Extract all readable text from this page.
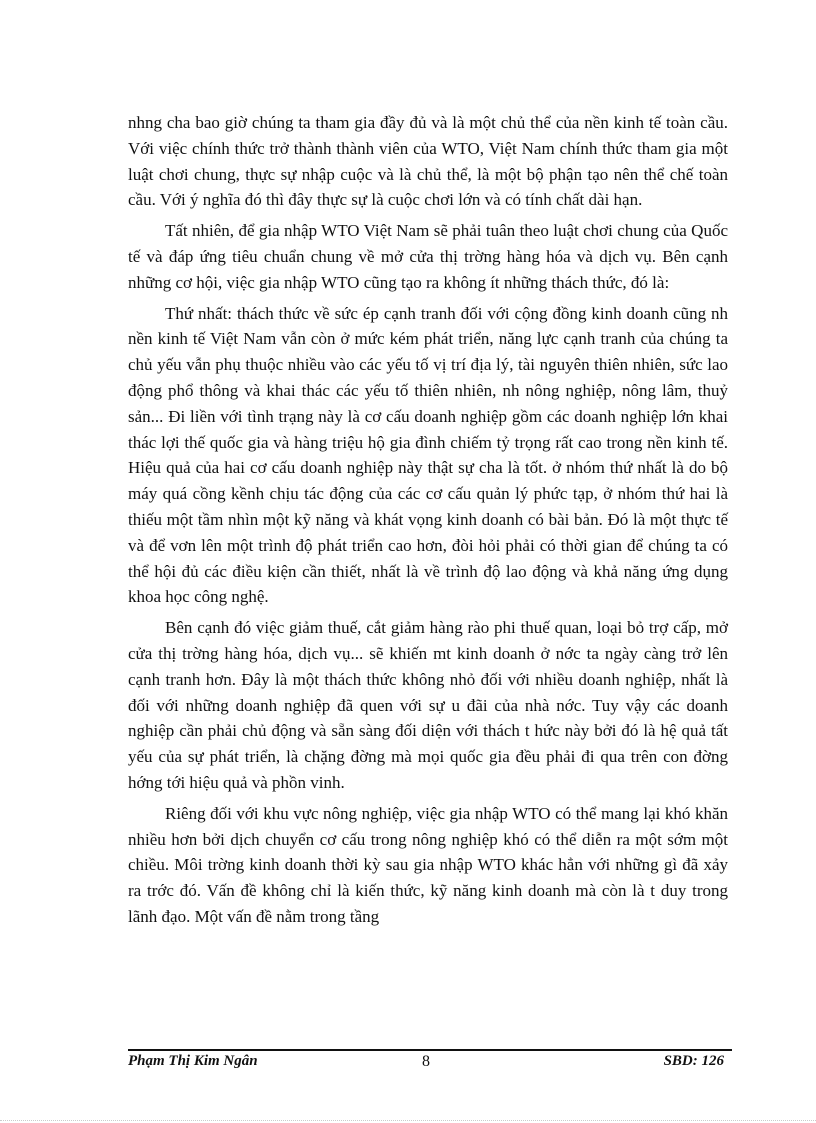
nhng cha bao giờ chúng ta tham gia đầy đủ và là một chủ thể của nền kinh tế toàn cầu. Với việc chính thức trở thành thành viên của WTO, Việt Nam chính thức tham gia một luật chơi chung, thực sự nhập cuộc và là chủ thể, là một bộ phận tạo nên thể chế toàn cầu. Với ý nghĩa đó thì đây thực sự là cuộc chơi lớn và có tính chất dài hạn.

Tất nhiên, để gia nhập WTO Việt Nam sẽ phải tuân theo luật chơi chung của Quốc tế và đáp ứng tiêu chuẩn chung về mở cửa thị trờng hàng hóa và dịch vụ. Bên cạnh những cơ hội, việc gia nhập WTO cũng tạo ra không ít những thách thức, đó là:

Thứ nhất: thách thức về sức ép cạnh tranh đối với cộng đồng kinh doanh cũng nh nền kinh tế Việt Nam vẫn còn ở mức kém phát triển, năng lực cạnh tranh của chúng ta chủ yếu vẫn phụ thuộc nhiều vào các yếu tố vị trí địa lý, tài nguyên thiên nhiên, sức lao động phổ thông và khai thác các yếu tố thiên nhiên, nh nông nghiệp, nông lâm, thuỷ sản... Đi liền với tình trạng này là cơ cấu doanh nghiệp gồm các doanh nghiệp lớn khai thác lợi thế quốc gia và hàng triệu hộ gia đình chiếm tỷ trọng rất cao trong nền kinh tế. Hiệu quả của hai cơ cấu doanh nghiệp này thật sự cha là tốt. ở nhóm thứ nhất là do bộ máy quá cồng kềnh chịu tác động của các cơ cấu quản lý phức tạp, ở nhóm thứ hai là thiếu một tầm nhìn một kỹ năng và khát vọng kinh doanh có bài bản. Đó là một thực tế và để vơn lên một trình độ phát triển cao hơn, đòi hỏi phải có thời gian để chúng ta có thể hội đủ các điều kiện cần thiết, nhất là về trình độ lao động và khả năng ứng dụng khoa học công nghệ.

Bên cạnh đó việc giảm thuế, cắt giảm hàng rào phi thuế quan, loại bỏ trợ cấp, mở cửa thị trờng hàng hóa, dịch vụ... sẽ khiến mt kinh doanh ở nớc ta ngày càng trở lên cạnh tranh hơn. Đây là một thách thức không nhỏ đối với nhiều doanh nghiệp, nhất là đối với những doanh nghiệp đã quen với sự u đãi của nhà nớc. Tuy vậy các doanh nghiệp cần phải chủ động và sẵn sàng đối diện với thách t hức này bởi đó là hệ quả tất yếu của sự phát triển, là chặng đờng mà mọi quốc gia đều phải đi qua trên con đờng hớng tới hiệu quả và phồn vinh.

Riêng đối với khu vực nông nghiệp, việc gia nhập WTO có thể mang lại khó khăn nhiều hơn bởi dịch chuyển cơ cấu trong nông nghiệp khó có thể diễn ra một sớm một chiều. Môi trờng kinh doanh thời kỳ sau gia nhập WTO khác hẳn với những gì đã xảy ra trớc đó. Vấn đề không chỉ là kiến thức, kỹ năng kinh doanh mà còn là t duy trong lãnh đạo. Một vấn đề nằm trong tầng

Phạm Thị Kim Ngân	8	SBD: 126
